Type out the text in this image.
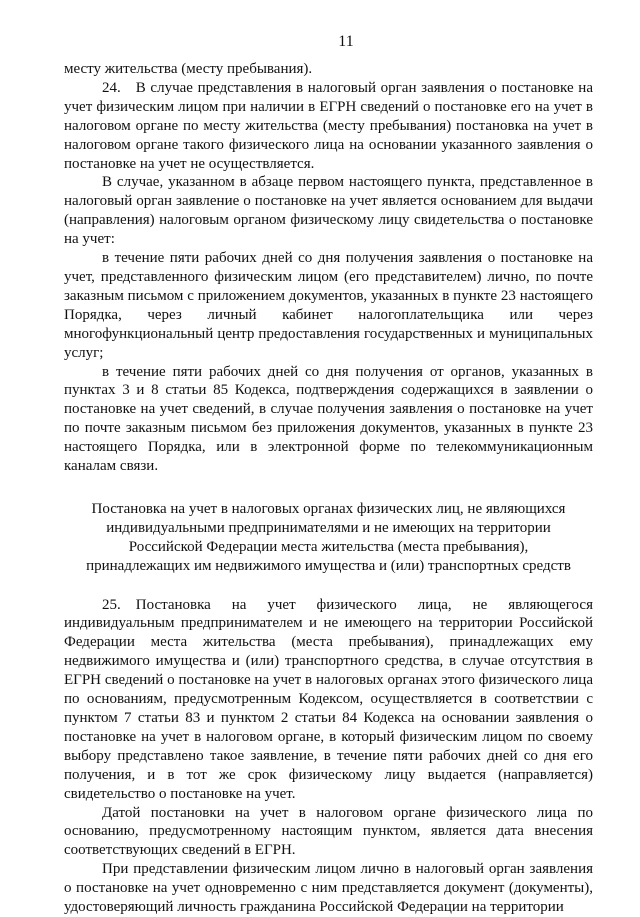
11

месту жительства (месту пребывания).

24. В случае представления в налоговый орган заявления о постановке на учет физическим лицом при наличии в ЕГРН сведений о постановке его на учет в налоговом органе по месту жительства (месту пребывания) постановка на учет в налоговом органе такого физического лица на основании указанного заявления о постановке на учет не осуществляется.

В случае, указанном в абзаце первом настоящего пункта, представленное в налоговый орган заявление о постановке на учет является основанием для выдачи (направления) налоговым органом физическому лицу свидетельства о постановке на учет:

в течение пяти рабочих дней со дня получения заявления о постановке на учет, представленного физическим лицом (его представителем) лично, по почте заказным письмом с приложением документов, указанных в пункте 23 настоящего Порядка, через личный кабинет налогоплательщика или через многофункциональный центр предоставления государственных и муниципальных услуг;

в течение пяти рабочих дней со дня получения от органов, указанных в пунктах 3 и 8 статьи 85 Кодекса, подтверждения содержащихся в заявлении о постановке на учет сведений, в случае получения заявления о постановке на учет по почте заказным письмом без приложения документов, указанных в пункте 23 настоящего Порядка, или в электронной форме по телекоммуникационным каналам связи.

Постановка на учет в налоговых органах физических лиц, не являющихся индивидуальными предпринимателями и не имеющих на территории Российской Федерации места жительства (места пребывания), принадлежащих им недвижимого имущества и (или) транспортных средств

25. Постановка на учет физического лица, не являющегося индивидуальным предпринимателем и не имеющего на территории Российской Федерации места жительства (места пребывания), принадлежащих ему недвижимого имущества и (или) транспортного средства, в случае отсутствия в ЕГРН сведений о постановке на учет в налоговых органах этого физического лица по основаниям, предусмотренным Кодексом, осуществляется в соответствии с пунктом 7 статьи 83 и пунктом 2 статьи 84 Кодекса на основании заявления о постановке на учет в налоговом органе, в который физическим лицом по своему выбору представлено такое заявление, в течение пяти рабочих дней со дня его получения, и в тот же срок физическому лицу выдается (направляется) свидетельство о постановке на учет.

Датой постановки на учет в налоговом органе физического лица по основанию, предусмотренному настоящим пунктом, является дата внесения соответствующих сведений в ЕГРН.

При представлении физическим лицом лично в налоговый орган заявления о постановке на учет одновременно с ним представляется документ (документы), удостоверяющий личность гражданина Российской Федерации на территории
